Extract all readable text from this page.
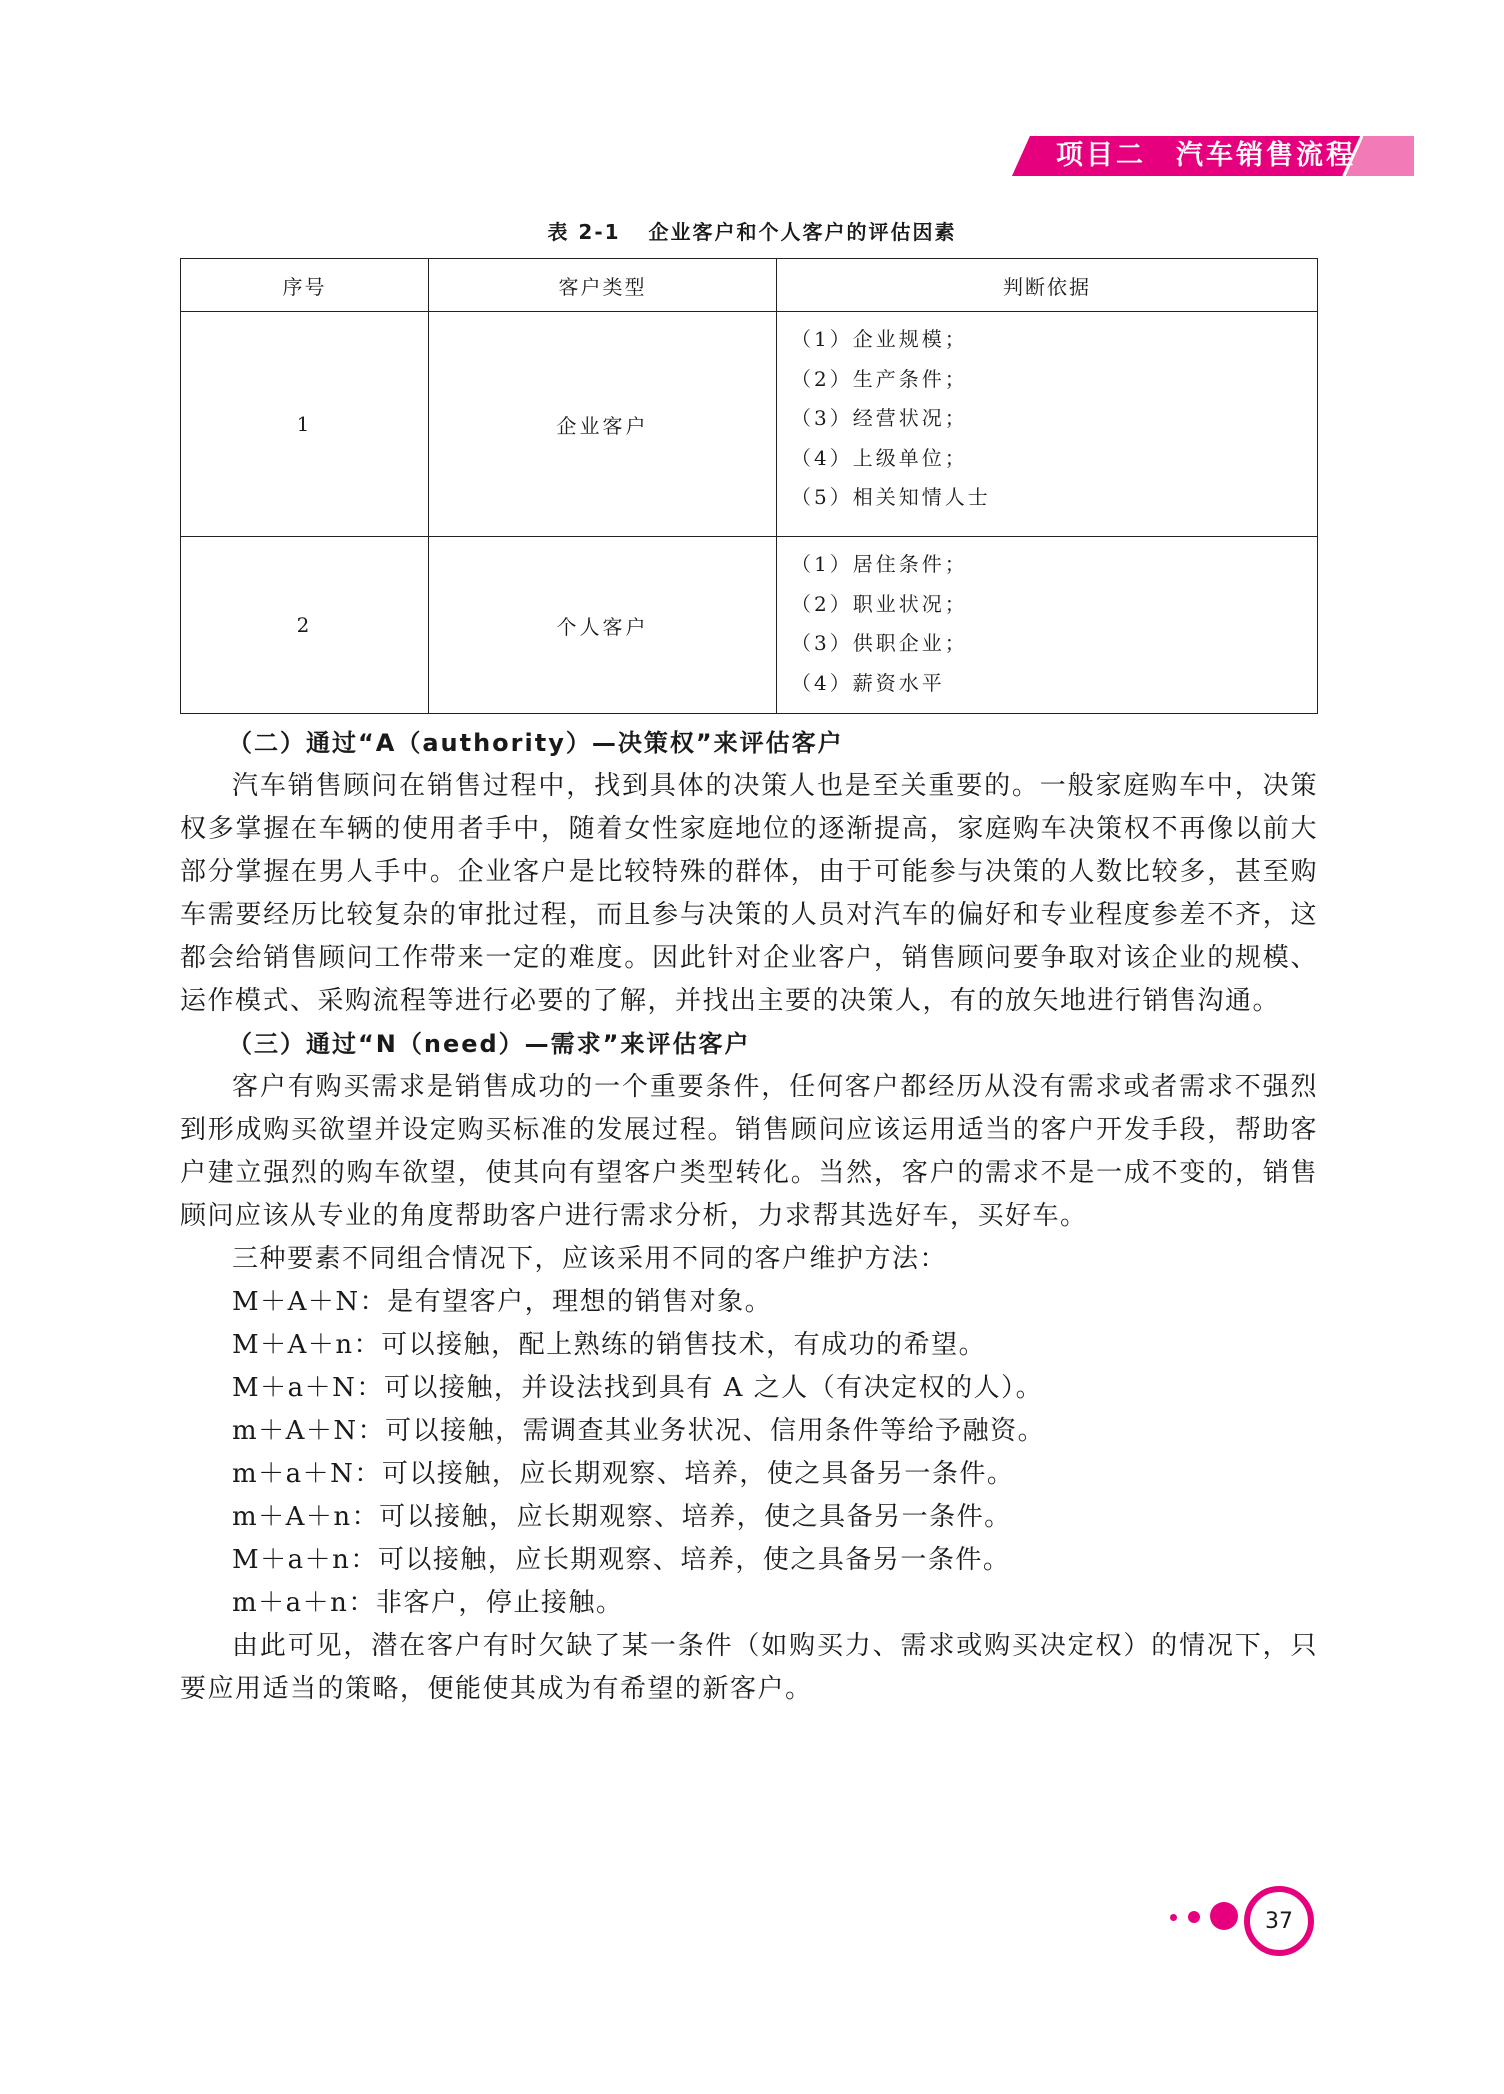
项目二　汽车销售流程
表 2-1 企业客户和个人客户的评估因素
序号	客户类型	判断依据
1	企业客户	（1）企业规模；
（2）生产条件；
（3）经营状况；
（4）上级单位；
（5）相关知情人士

2	个人客户	（1）居住条件；
（2）职业状况；
（3）供职企业；
（4）薪资水平

（二）通过“A（authority）—决策权”来评估客户

汽车销售顾问在销售过程中，找到具体的决策人也是至关重要的。一般家庭购车中，决策权多掌握在车辆的使用者手中，随着女性家庭地位的逐渐提高，家庭购车决策权不再像以前大部分掌握在男人手中。企业客户是比较特殊的群体，由于可能参与决策的人数比较多，甚至购车需要经历比较复杂的审批过程，而且参与决策的人员对汽车的偏好和专业程度参差不齐，这都会给销售顾问工作带来一定的难度。因此针对企业客户，销售顾问要争取对该企业的规模、运作模式、采购流程等进行必要的了解，并找出主要的决策人，有的放矢地进行销售沟通。

（三）通过“N（need）—需求”来评估客户

客户有购买需求是销售成功的一个重要条件，任何客户都经历从没有需求或者需求不强烈到形成购买欲望并设定购买标准的发展过程。销售顾问应该运用适当的客户开发手段，帮助客户建立强烈的购车欲望，使其向有望客户类型转化。当然，客户的需求不是一成不变的，销售顾问应该从专业的角度帮助客户进行需求分析，力求帮其选好车，买好车。

三种要素不同组合情况下，应该采用不同的客户维护方法：

M＋A＋N：是有望客户，理想的销售对象。

M＋A＋n：可以接触，配上熟练的销售技术，有成功的希望。

M＋a＋N：可以接触，并设法找到具有 A 之人（有决定权的人）。

m＋A＋N：可以接触，需调查其业务状况、信用条件等给予融资。

m＋a＋N：可以接触，应长期观察、培养，使之具备另一条件。

m＋A＋n：可以接触，应长期观察、培养，使之具备另一条件。

M＋a＋n：可以接触，应长期观察、培养，使之具备另一条件。

m＋a＋n：非客户，停止接触。

由此可见，潜在客户有时欠缺了某一条件（如购买力、需求或购买决定权）的情况下，只要应用适当的策略，便能使其成为有希望的新客户。

37
